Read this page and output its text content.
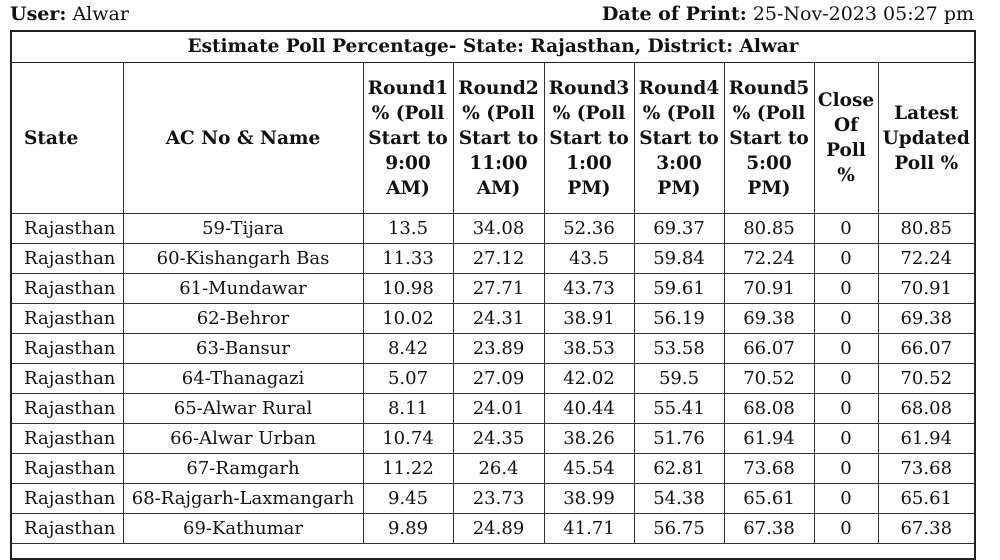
User: Alwar	Date of Print: 25-Nov-2023 05:27 pm
Estimate Poll Percentage- State: Rajasthan, District: Alwar
State	AC No & Name	Round1 % (Poll Start to 9:00 AM)	Round2 % (Poll Start to 11:00 AM)	Round3 % (Poll Start to 1:00 PM)	Round4 % (Poll Start to 3:00 PM)	Round5 % (Poll Start to 5:00 PM)	Close Of Poll %	Latest Updated Poll %
Rajasthan	59-Tijara	13.5	34.08	52.36	69.37	80.85	0	80.85
Rajasthan	60-Kishangarh Bas	11.33	27.12	43.5	59.84	72.24	0	72.24
Rajasthan	61-Mundawar	10.98	27.71	43.73	59.61	70.91	0	70.91
Rajasthan	62-Behror	10.02	24.31	38.91	56.19	69.38	0	69.38
Rajasthan	63-Bansur	8.42	23.89	38.53	53.58	66.07	0	66.07
Rajasthan	64-Thanagazi	5.07	27.09	42.02	59.5	70.52	0	70.52
Rajasthan	65-Alwar Rural	8.11	24.01	40.44	55.41	68.08	0	68.08
Rajasthan	66-Alwar Urban	10.74	24.35	38.26	51.76	61.94	0	61.94
Rajasthan	67-Ramgarh	11.22	26.4	45.54	62.81	73.68	0	73.68
Rajasthan	68-Rajgarh-Laxmangarh	9.45	23.73	38.99	54.38	65.61	0	65.61
Rajasthan	69-Kathumar	9.89	24.89	41.71	56.75	67.38	0	67.38
